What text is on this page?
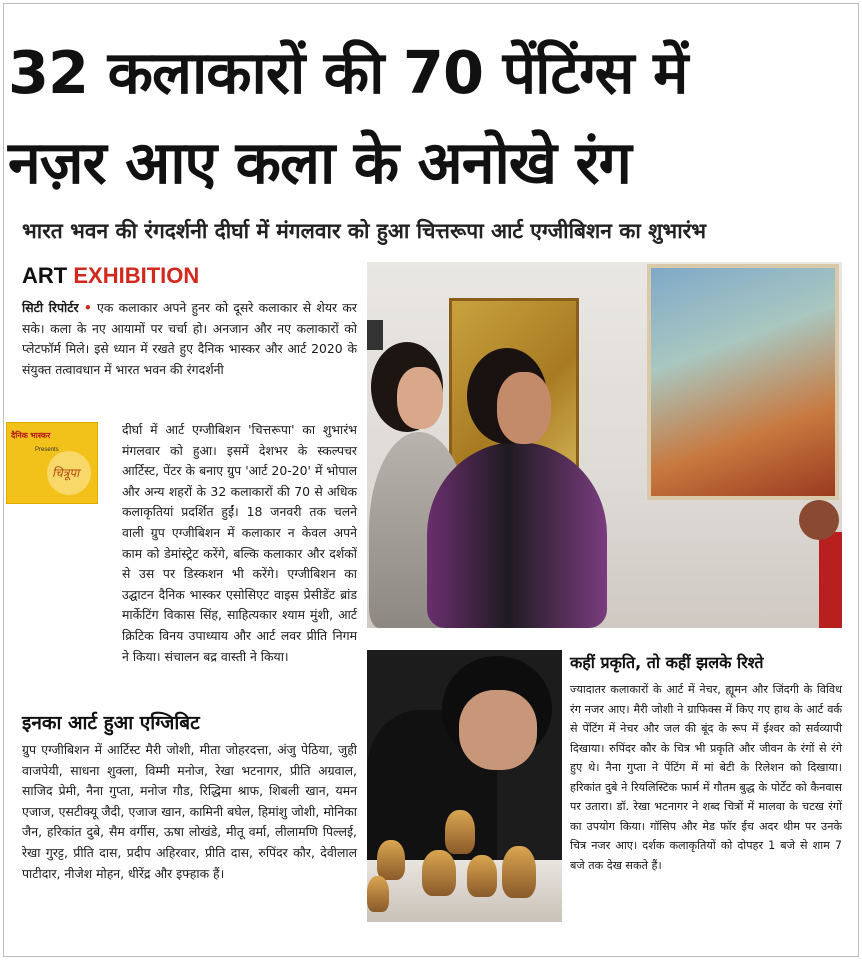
32 कलाकारों की 70 पेंटिंग्स में
नज़र आए कला के अनोखे रंग
भारत भवन की रंगदर्शनी दीर्घा में मंगलवार को हुआ चित्तरूपा आर्ट एग्जीबिशन का शुभारंभ
ART EXHIBITION
सिटी रिपोर्टर • एक कलाकार अपने हुनर को दूसरे कलाकार से शेयर कर सके। कला के नए आयामों पर चर्चा हो। अनजान और नए कलाकारों को प्लेटफॉर्म मिले। इसे ध्यान में रखते हुए दैनिक भास्कर और आर्ट 2020 के संयुक्त तत्वावधान में भारत भवन की रंगदर्शनी
दैनिक भास्कर
Presents
चित्रूपा
दीर्घा में आर्ट एग्जीबिशन 'चित्तरूपा' का शुभारंभ मंगलवार को हुआ। इसमें देशभर के स्कल्पचर आर्टिस्ट, पेंटर के बनाए ग्रुप 'आर्ट 20-20' में भोपाल और अन्य शहरों के 32 कलाकारों की 70 से अधिक कलाकृतियां प्रदर्शित हुईं। 18 जनवरी तक चलने वाली ग्रुप एग्जीबिशन में कलाकार न केवल अपने काम को डेमांस्ट्रेट करेंगे, बल्कि कलाकार और दर्शकों से उस पर डिस्कशन भी करेंगे। एग्जीबिशन का उद्घाटन दैनिक भास्कर एसोसिएट वाइस प्रेसीडेंट ब्रांड मार्केटिंग विकास सिंह, साहित्यकार श्याम मुंशी, आर्ट क्रिटिक विनय उपाध्याय और आर्ट लवर प्रीति निगम ने किया। संचालन बद्र वास्ती ने किया।
इनका आर्ट हुआ एग्जिबिट
ग्रुप एग्जीबिशन में आर्टिस्ट मैरी जोशी, मीता जोहरदत्ता, अंजु पेठिया, जुही वाजपेयी, साधना शुक्ला, विम्मी मनोज, रेखा भटनागर, प्रीति अग्रवाल, साजिद प्रेमी, नैना गुप्ता, मनोज गौड, रिद्धिमा श्राफ, शिबली खान, यमन एजाज, एसटीक्यू जैदी, एजाज खान, कामिनी बघेल, हिमांशु जोशी, मोनिका जैन, हरिकांत दुबे, सैम वर्गीस, ऊषा लोखंडे, मीतू वर्मा, लीलामणि पिल्लई, रेखा गुरट्ट, प्रीति दास, प्रदीप अहिरवार, प्रीति दास, रुपिंदर कौर, देवीलाल पाटीदार, नीजेश मोहन, धीरेंद्र और इफ्हाक हैं।
कहीं प्रकृति, तो कहीं झलके रिश्ते
ज्यादातर कलाकारों के आर्ट में नेचर, ह्यूमन और जिंदगी के विविध रंग नजर आए। मैरी जोशी ने ग्राफिक्स में किए गए हाथ के आर्ट वर्क से पेंटिंग में नेचर और जल की बूंद के रूप में ईश्वर को सर्वव्यापी दिखाया। रुपिंदर कौर के चित्र भी प्रकृति और जीवन के रंगों से रंगे हुए थे। नैना गुप्ता ने पेंटिंग में मां बेटी के रिलेशन को दिखाया। हरिकांत दुबे ने रियलिस्टिक फार्म में गौतम बुद्ध के पोर्टेट को कैनवास पर उतारा। डॉ. रेखा भटनागर ने शब्द चित्रों में मालवा के चटख रंगों का उपयोग किया। गॉसिप और मेड फॉर ईच अदर थीम पर उनके चित्र नजर आए। दर्शक कलाकृतियों को दोपहर 1 बजे से शाम 7 बजे तक देख सकते हैं।
